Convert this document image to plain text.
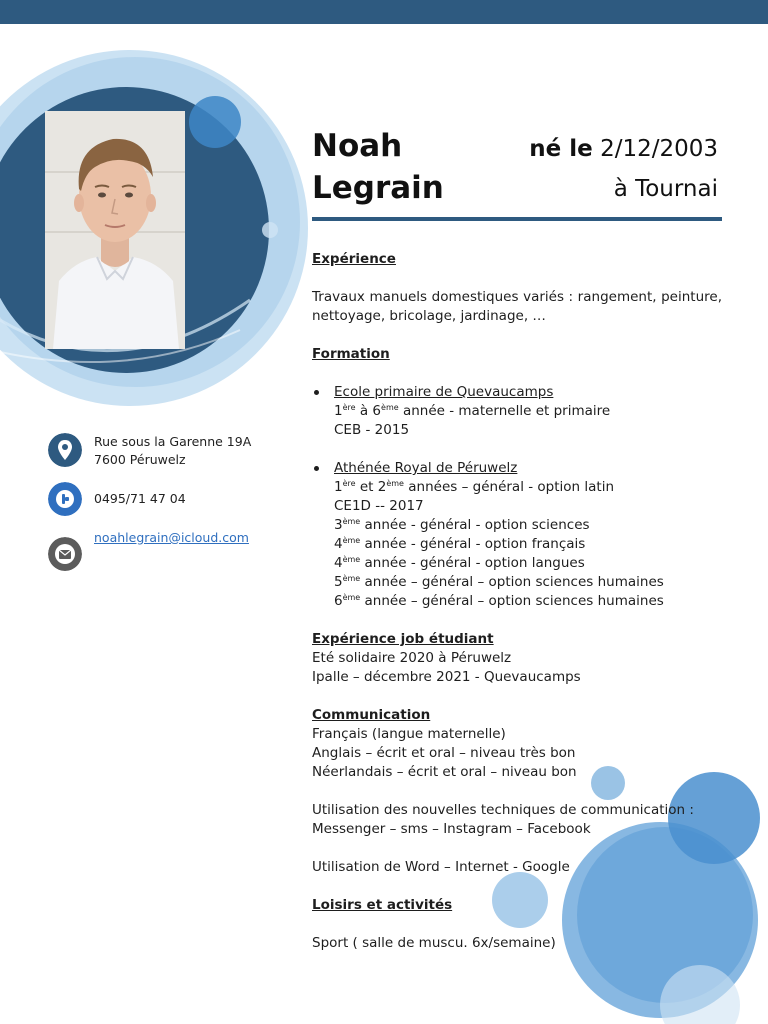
Noah
Legrain
né le 2/12/2003
à Tournai
Rue sous la Garenne 19A
7600 Péruwelz
0495/71 47 04
noahlegrain@icloud.com

Expérience

Travaux manuels domestiques variés : rangement, peinture, nettoyage, bricolage, jardinage, …

Formation

Ecole primaire de Quevaucamps

1ère à 6ème année - maternelle et primaire

CEB - 2015

Athénée Royal de Péruwelz

1ère et 2ème années – général - option latin

CE1D -- 2017

3ème année - général - option sciences

4ème année - général - option français

4ème année - général - option langues

5ème année – général – option sciences humaines

6ème année – général – option sciences humaines

Expérience job étudiant

Eté solidaire 2020 à Péruwelz

Ipalle – décembre 2021 - Quevaucamps

Communication

Français (langue maternelle)

Anglais – écrit et oral – niveau très bon

Néerlandais – écrit et oral – niveau bon

Utilisation des nouvelles techniques de communication :

Messenger – sms – Instagram – Facebook

Utilisation de Word – Internet - Google

Loisirs et activités

Sport ( salle de muscu. 6x/semaine)
